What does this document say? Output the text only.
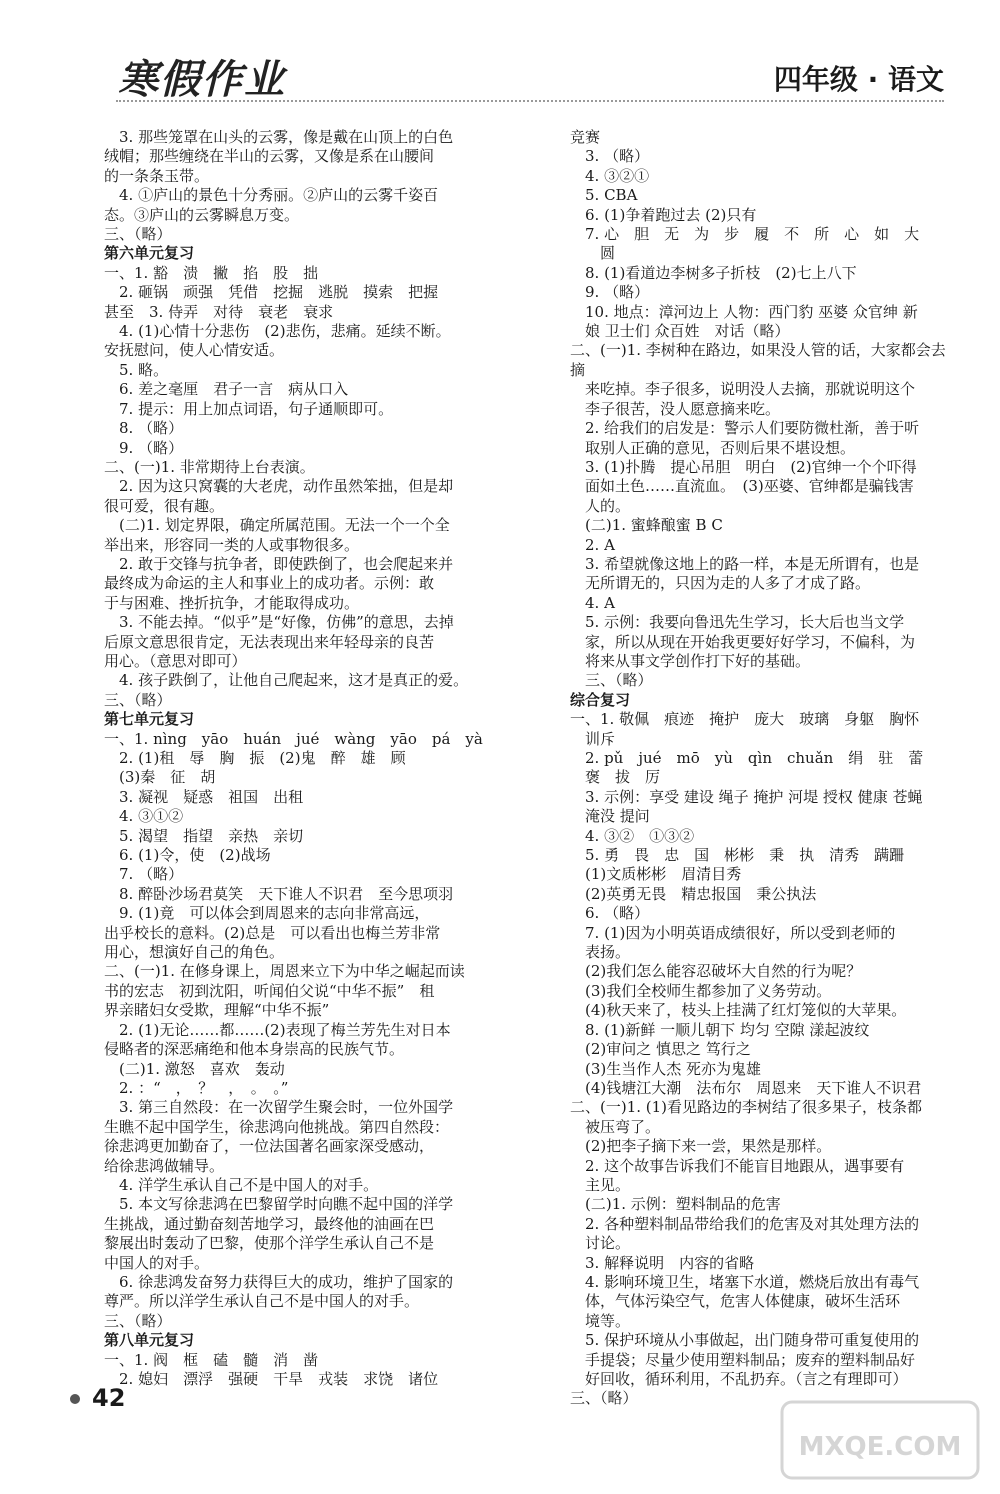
寒假作业	四年级 · 语文

　3. 那些笼罩在山头的云雾，像是戴在山顶上的白色

绒帽；那些缠绕在半山的云雾，又像是系在山腰间

的一条条玉带。

　4. ①庐山的景色十分秀丽。②庐山的云雾千姿百

态。③庐山的云雾瞬息万变。

三、（略）

第六单元复习

一、1. 豁　溃　撇　掐　股　拙

　2. 砸锅　顽强　凭借　挖掘　逃脱　摸索　把握

甚至　3. 侍弄　对待　衰老　衰求

　4. (1)心情十分悲伤　(2)悲伤，悲痛。延续不断。

安抚慰问，使人心情安适。

　5. 略。

　6. 差之毫厘　君子一言　病从口入

　7. 提示：用上加点词语，句子通顺即可。

　8. （略）

　9. （略）

二、(一)1. 非常期待上台表演。

　2. 因为这只窝囊的大老虎，动作虽然笨拙，但是却

很可爱，很有趣。

　(二)1. 划定界限，确定所属范围。无法一个一个全

举出来，形容同一类的人或事物很多。

　2. 敢于交锋与抗争者，即使跌倒了，也会爬起来并

最终成为命运的主人和事业上的成功者。示例：敢

于与困难、挫折抗争，才能取得成功。

　3. 不能去掉。“似乎”是“好像，仿佛”的意思，去掉

后原文意思很肯定，无法表现出来年轻母亲的良苦

用心。（意思对即可）

　4. 孩子跌倒了，让他自己爬起来，这才是真正的爱。

三、（略）

第七单元复习

一、1. nìng　yāo　huán　jué　wàng　yāo　pá　yà

　2. (1)租　辱　胸　振　(2)鬼　醉　雄　顾

　(3)秦　征　胡

　3. 凝视　疑惑　祖国　出租

　4. ③①②

　5. 渴望　指望　亲热　亲切

　6. (1)令，使　(2)战场

　7. （略）

　8. 醉卧沙场君莫笑　天下谁人不识君　至今思项羽

　9. (1)竟　可以体会到周恩来的志向非常高远，

出乎校长的意料。(2)总是　可以看出也梅兰芳非常

用心，想演好自己的角色。

二、(一)1. 在修身课上，周恩来立下为中华之崛起而读

书的宏志　初到沈阳，听闻伯父说“中华不振”　租

界亲睹妇女受欺，理解“中华不振”

　2. (1)无论……都……(2)表现了梅兰芳先生对日本

侵略者的深恶痛绝和他本身崇高的民族气节。

　(二)1. 激怒　喜欢　轰动

　2. ：“　，　？　，　。　。”

　3. 第三自然段：在一次留学生聚会时，一位外国学

生瞧不起中国学生，徐悲鸿向他挑战。第四自然段：

徐悲鸿更加勤奋了，一位法国著名画家深受感动，

给徐悲鸿做辅导。

　4. 洋学生承认自己不是中国人的对手。

　5. 本文写徐悲鸿在巴黎留学时向瞧不起中国的洋学

生挑战，通过勤奋刻苦地学习，最终他的油画在巴

黎展出时轰动了巴黎，使那个洋学生承认自己不是

中国人的对手。

　6. 徐悲鸿发奋努力获得巨大的成功，维护了国家的

尊严。所以洋学生承认自己不是中国人的对手。

三、（略）

第八单元复习

一、1. 阀　框　磕　髓　消　凿

　2. 媳妇　漂浮　强硬　干旱　戎装　求饶　诸位

竞赛

　3. （略）

　4. ③②①

　5. CBA

　6. (1)争着跑过去 (2)只有

　7. 心　胆　无　为　步　履　不　所　心　如　大

　　圆

　8. (1)看道边李树多子折枝　(2)七上八下

　9. （略）

　10. 地点：漳河边上 人物：西门豹 巫婆 众官绅 新

　娘 卫士们 众百姓　对话（略）

二、(一)1. 李树种在路边，如果没人管的话，大家都会去摘

　来吃掉。李子很多，说明没人去摘，那就说明这个

　李子很苦，没人愿意摘来吃。

　2. 给我们的启发是：警示人们要防微杜渐，善于听

　取别人正确的意见，否则后果不堪设想。

　3. (1)扑腾　提心吊胆　明白　(2)官绅一个个吓得

　面如土色……直流血。　(3)巫婆、官绅都是骗钱害

　人的。

　(二)1. 蜜蜂酿蜜 B C

　2. A

　3. 希望就像这地上的路一样，本是无所谓有，也是

　无所谓无的，只因为走的人多了才成了路。

　4. A

　5. 示例：我要向鲁迅先生学习，长大后也当文学

　家，所以从现在开始我更要好好学习，不偏科，为

　将来从事文学创作打下好的基础。

　三、（略）

综合复习

一、1. 敬佩　痕迹　掩护　庞大　玻璃　身躯　胸怀

　训斥

　2. pǔ　jué　mō　yù　qìn　chuǎn　绢　驻　蕾

　褒　拔　厉

　3. 示例：享受 建设 绳子 掩护 河堤 授权 健康 苍蝇

　淹没 提问

　4. ③②　①③②

　5. 勇　畏　忠　国　彬彬　秉　执　清秀　蹒跚

　(1)文质彬彬　眉清目秀

　(2)英勇无畏　精忠报国　秉公执法

　6. （略）

　7. (1)因为小明英语成绩很好，所以受到老师的

　表扬。

　(2)我们怎么能容忍破坏大自然的行为呢？

　(3)我们全校师生都参加了义务劳动。

　(4)秋天来了，枝头上挂满了红灯笼似的大苹果。

　8. (1)新鲜 一顺儿朝下 均匀 空隙 漾起波纹

　(2)审问之 慎思之 笃行之

　(3)生当作人杰 死亦为鬼雄

　(4)钱塘江大潮　法布尔　周恩来　天下谁人不识君

二、(一)1. (1)看见路边的李树结了很多果子，枝条都

　被压弯了。

　(2)把李子摘下来一尝，果然是那样。

　2. 这个故事告诉我们不能盲目地跟从，遇事要有

　主见。

　(二)1. 示例：塑料制品的危害

　2. 各种塑料制品带给我们的危害及对其处理方法的

　讨论。

　3. 解释说明　内容的省略

　4. 影响环境卫生，堵塞下水道，燃烧后放出有毒气

　体，气体污染空气，危害人体健康，破坏生活环

　境等。

　5. 保护环境从小事做起，出门随身带可重复使用的

　手提袋；尽量少使用塑料制品；废弃的塑料制品好

　好回收，循环利用，不乱扔弃。（言之有理即可）

三、（略）

42
MXQE.COM
